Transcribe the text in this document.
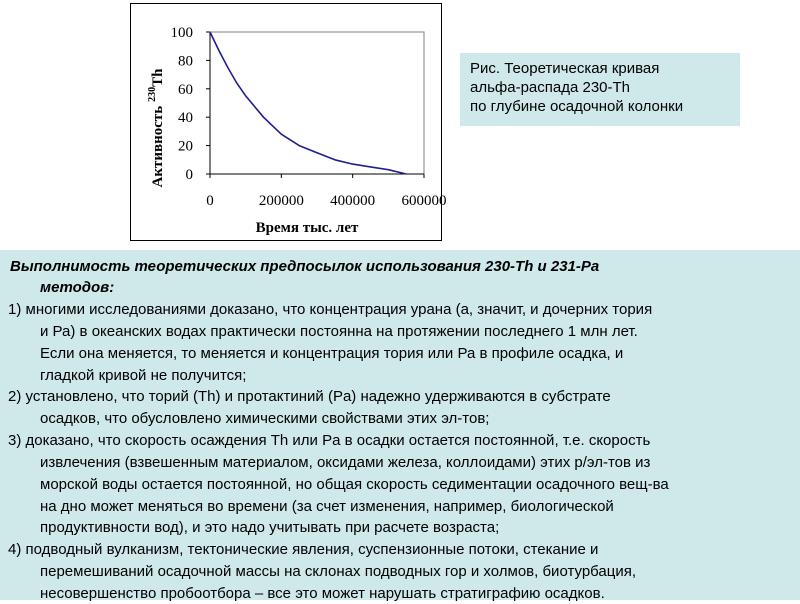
0
20
40
60
80
100
0	200000 400000 600000
Активность$^{230}$Th
Время тыс. лет
Рис. Теоретическая кривая
альфа-распада 230-Th
по глубине осадочной колонки

Выполнимость теоретических предпосылок использования 230-Th и 231-Pa

методов:

1) многими исследованиями доказано, что концентрация урана (а, значит, и дочерних тория

и Ра) в океанских водах практически постоянна на протяжении последнего 1 млн лет.

Если она меняется, то меняется и концентрация тория или Ра в профиле осадка, и

гладкой кривой не получится;

2) установлено, что торий (Th) и протактиний (Pa) надежно удерживаются в субстрате

осадков, что обусловлено химическими свойствами этих эл-тов;

3) доказано, что скорость осаждения Th или Pa в осадки остается постоянной, т.е. скорость

извлечения (взвешенным материалом, оксидами железа, коллоидами) этих р/эл-тов из

морской воды остается постоянной, но общая скорость седиментации осадочного вещ-ва

на дно может меняться во времени (за счет изменения, например, биологической

продуктивности вод), и это надо учитывать при расчете возраста;

4) подводный вулканизм, тектонические явления, суспензионные потоки, стекание и

перемешиваний осадочной массы на склонах подводных гор и холмов, биотурбация,

несовершенство пробоотбора – все это может нарушать стратиграфию осадков.
